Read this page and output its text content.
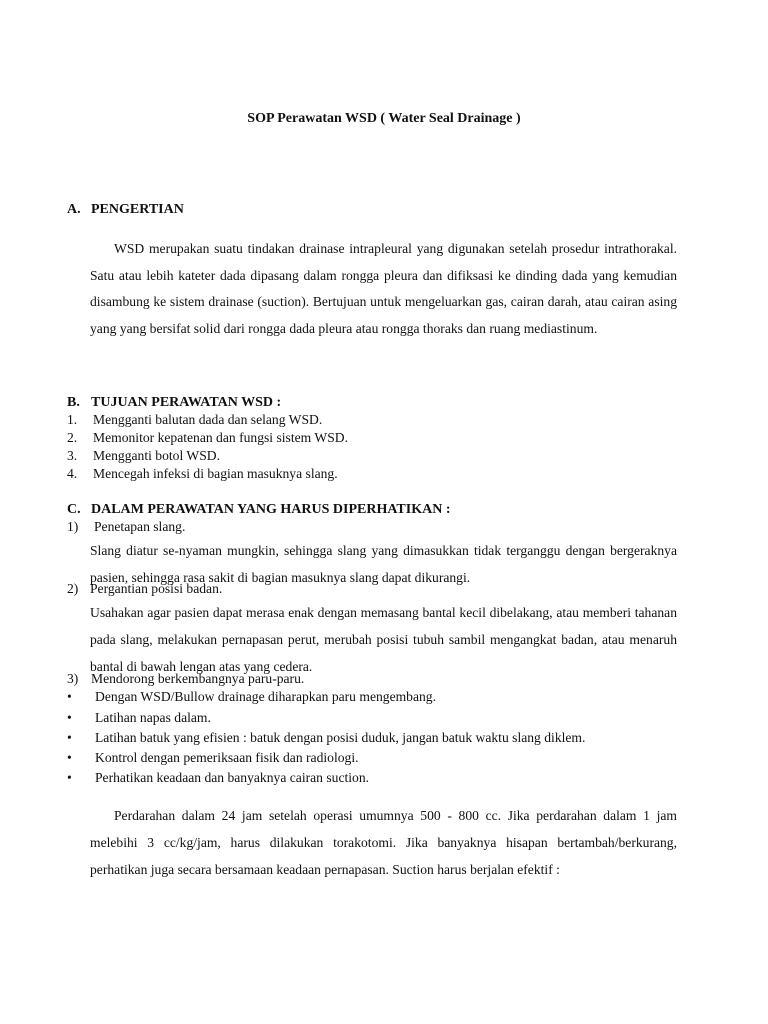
SOP Perawatan WSD ( Water Seal Drainage )
A. PENGERTIAN

WSD merupakan suatu tindakan drainase intrapleural yang digunakan setelah prosedur intrathorakal. Satu atau lebih kateter dada dipasang dalam rongga pleura dan difiksasi ke dinding dada yang kemudian disambung ke sistem drainase (suction). Bertujuan untuk mengeluarkan gas, cairan darah, atau cairan asing yang yang bersifat solid dari rongga dada pleura atau rongga thoraks dan ruang mediastinum.

B. TUJUAN PERAWATAN WSD :
1. Mengganti balutan dada dan selang WSD.
2. Memonitor kepatenan dan fungsi sistem WSD.
3. Mengganti botol WSD.
4. Mencegah infeksi di bagian masuknya slang.
C. DALAM PERAWATAN YANG HARUS DIPERHATIKAN :
1) Penetapan slang.

Slang diatur se-nyaman mungkin, sehingga slang yang dimasukkan tidak terganggu dengan bergeraknya pasien, sehingga rasa sakit di bagian masuknya slang dapat dikurangi.

2) Pergantian posisi badan.

Usahakan agar pasien dapat merasa enak dengan memasang bantal kecil dibelakang, atau memberi tahanan pada slang, melakukan pernapasan perut, merubah posisi tubuh sambil mengangkat badan, atau menaruh bantal di bawah lengan atas yang cedera.

3) Mendorong berkembangnya paru-paru.
• Dengan WSD/Bullow drainage diharapkan paru mengembang.
• Latihan napas dalam.
• Latihan batuk yang efisien : batuk dengan posisi duduk, jangan batuk waktu slang diklem.
• Kontrol dengan pemeriksaan fisik dan radiologi.
• Perhatikan keadaan dan banyaknya cairan suction.

Perdarahan dalam 24 jam setelah operasi umumnya 500 - 800 cc. Jika perdarahan dalam 1 jam melebihi 3 cc/kg/jam, harus dilakukan torakotomi. Jika banyaknya hisapan bertambah/berkurang, perhatikan juga secara bersamaan keadaan pernapasan. Suction harus berjalan efektif :
